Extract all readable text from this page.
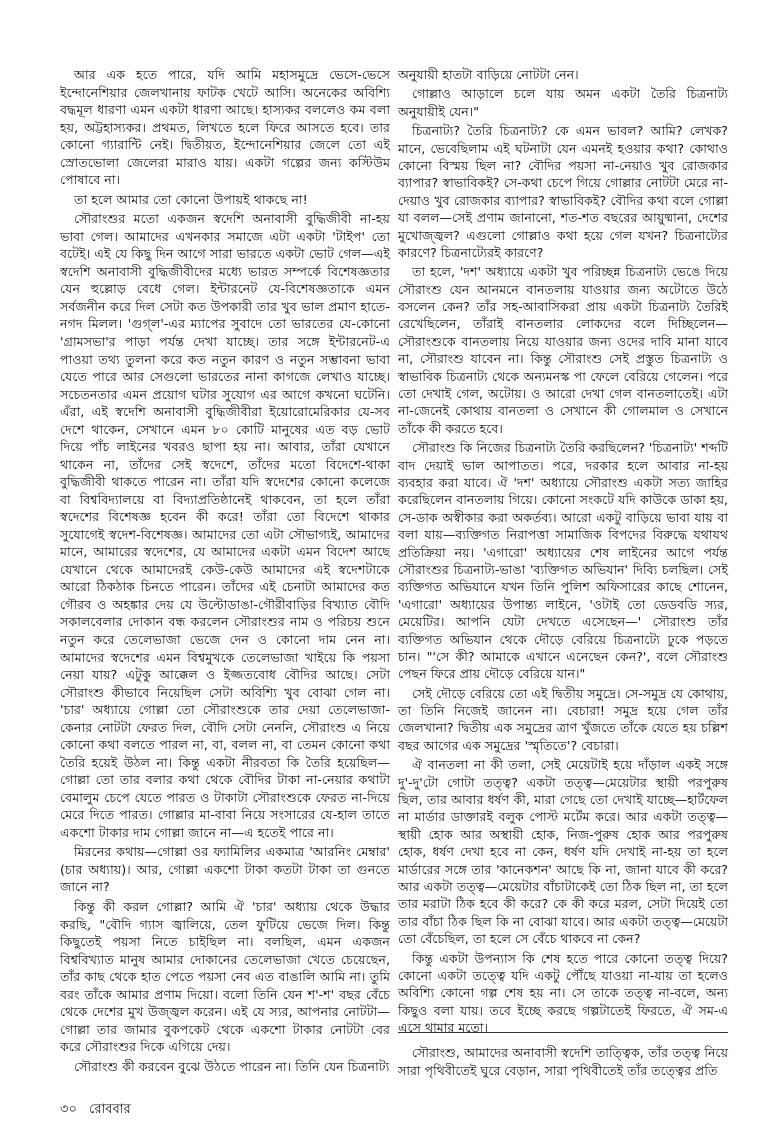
আর এক হতে পারে, যদি আমি মহাসমুদ্রে ভেসে-ভেসে ইন্দোনেশিয়ার জেলখানায় ফাটক খেটে আসি। অনেকের অবিশ্যি বদ্ধমূল ধারণা এমন একটা ধারণা আছে। হাস্যকর বললেও কম বলা হয়, অট্টহাস্যকর। প্রথমত, লিখতে হলে ফিরে আসতে হবে। তার কোনো গ্যারান্টি নেই। দ্বিতীয়ত, ইন্দোনেশিয়ার জেলে তো এই স্রোতভোলা জেলেরা মারাও যায়। একটা গল্পের জন্য কস্টিউম পোষাবে না।

তা হলে আমার তো কোনো উপায়ই থাকছে না!

সৌরাংশুর মতো একজন স্বদেশি অনাবাসী বুদ্ধিজীবী না-হয় ভাবা গেল। আমাদের এখনকার সমাজে এটা একটা 'টাইপ' তো বটেই। এই যে কিছু দিন আগে সারা ভারতে একটা ভোট গেল—এই স্বদেশি অনাবাসী বুদ্ধিজীবীদের মধ্যে ভারত সম্পর্কে বিশেষজ্ঞতার যেন হুল্লোড় বেধে গেল। ইন্টারনেট যে-বিশেষজ্ঞতাকে এমন সর্বজনীন করে দিল সেটা কত উপকারী তার খুব ভাল প্রমাণ হাতে-নগদ মিলল। 'গুগ্‌ল'-এর ম্যাপের সুবাদে তো ভারতের যে-কোনো 'গ্রামসভা'র পাড়া পর্যন্ত দেখা যাচ্ছে। তার সঙ্গে ইন্টারনেট-এ পাওয়া তথ্য তুলনা করে কত নতুন কারণ ও নতুন সম্ভাবনা ভাবা যেতে পারে আর সেগুলো ভারতের নানা কাগজে লেখাও যাচ্ছে। সচেতনতার এমন প্রয়োগ ঘটার সুযোগ এর আগে কখনো ঘটেনি। এঁরা, এই স্বদেশি অনাবাসী বুদ্ধিজীবীরা ইয়োরোমেরিকার যে-সব দেশে থাকেন, সেখানে এমন ৮০ কোটি মানুষের এত বড় ভোট দিয়ে পাঁচ লাইনের খবরও ছাপা হয় না। আবার, তাঁরা যেখানে থাকেন না, তাঁদের সেই স্বদেশে, তাঁদের মতো বিদেশে-থাকা বুদ্ধিজীবী থাকতে পারেন না। তাঁরা যদি স্বদেশের কোনো কলেজে বা বিশ্ববিদ্যালয়ে বা বিদ্যাপ্রতিষ্ঠানেই থাকবেন, তা হলে তাঁরা স্বদেশের বিশেষজ্ঞ হবেন কী করে! তাঁরা তো বিদেশে থাকার সুযোগেই স্বদেশ-বিশেষজ্ঞ। আমাদের তো এটা সৌভাগ্যই, আমাদের মানে, আমারের স্বদেশের, যে আমাদের একটা এমন বিদেশ আছে যেখানে থেকে আমাদেরই কেউ-কেউ আমাদের এই স্বদেশটাকে আরো ঠিকঠাক চিনতে পারেন। তাঁদের এই চেনাটা আমাদের কত গৌরব ও অহঙ্কার দেয় যে উল্টোডাঙা-গৌরীবাড়ির বিখ্যাত বৌদি সকালবেলার দোকান বন্ধ করলেন সৌরাংশুর নাম ও পরিচয় শুনে নতুন করে তেলেভাজা ভেজে দেন ও কোনো দাম নেন না। আমাদের স্বদেশের এমন বিশ্বমুখকে তেলেভাজা খাইয়ে কি পয়সা নেয়া যায়? এটুকু আক্কেল ও ইজ্জতবোধ বৌদির আছে। সেটা সৌরাংশু কীভাবে নিয়েছিল সেটা অবিশ্যি খুব বোঝা গেল না। 'চার' অধ্যায়ে গোল্লা তো সৌরাংশুকে তার দেয়া তেলেভাজা-কেনার নোটটা ফেরত দিল, বৌদি সেটা নেননি, সৌরাংশু এ নিয়ে কোনো কথা বলতে পারল না, বা, বলল না, বা তেমন কোনো কথা তৈরি হয়েই উঠল না। কিন্তু একটা নীরবতা কি তৈরি হয়েছিল—গোল্লা তো তার বলার কথা থেকে বৌদির টাকা না-নেয়ার কথাটা বেমালুম চেপে যেতে পারত ও টাকাটা সৌরাংশুকে ফেরত না-দিয়ে মেরে দিতে পারত। গোল্লার মা-বাবা নিয়ে সংসারের যে-হাল তাতে একশো টাকার দাম গোল্লা জানে না—এ হতেই পারে না।

মিরনের কথায়—গোল্লা ওর ফ্যামিলির একমাত্র 'আরনিং মেম্বার' (চার অধ্যায়)। আর, গোল্লা একশো টাকা কতটা টাকা তা গুনতে জানে না?

কিন্তু কী করল গোল্লা? আমি ঐ 'চার' অধ্যায় থেকে উদ্ধার করছি, "বৌদি গ্যাস জ্বালিয়ে, তেল ফুটিয়ে ভেজে দিল। কিন্তু কিছুতেই পয়সা নিতে চাইছিল না। বলছিল, এমন একজন বিশ্ববিখ্যাত মানুষ আমার দোকানের তেলেভাজা খেতে চেয়েছেন, তাঁর কাছ থেকে হাত পেতে পয়সা নেব এত বাঙালি আমি না। তুমি বরং তাঁকে আমার প্রণাম দিয়ো। বলো তিনি যেন শ'-শ' বছর বেঁচে থেকে দেশের মুখ উজ্জ্বল করেন। এই যে স্যর, আপনার নোটটা—গোল্লা তার জামার বুকপকেট থেকে একশো টাকার নোটটা বের করে সৌরাংশুর দিকে এগিয়ে দেয়।

সৌরাংশু কী করবেন বুঝে উঠতে পারেন না। তিনি যেন চিত্রনাট্য

অনুযায়ী হাতটা বাড়িয়ে নোটটা নেন।

গোল্লাও আড়ালে চলে যায় অমন একটা তৈরি চিত্রনাট্য অনুযায়ীই যেন।"

চিত্রনাট্য? তৈরি চিত্রনাট্য? কে এমন ভাবল? আমি? লেখক? মানে, ভেবেছিলাম এই ঘটনাটা যেন এমনই হওয়ার কথা? কোথাও কোনো বিস্ময় ছিল না? বৌদির পয়সা না-নেয়াও খুব রোজকার ব্যাপার? স্বাভাবিকই? সে-কথা চেপে গিয়ে গোল্লার নোটটা মেরে না-দেয়াও খুব রোজকার ব্যাপার? স্বাভাবিকই? বৌদির কথা বলে গোল্লা যা বলল—সেই প্রণাম জানানো, শত-শত বছরের আয়ুষ্মানা, দেশের মুখোজ্জ্বল? এগুলো গোল্লাও কথা হয়ে গেল যখন? চিত্রনাট্যের কারণে? চিত্রনাট্যেরই কারণে?

তা হলে, 'দশ' অধ্যায়ে একটা খুব পরিচ্ছন্ন চিত্রনাট্য ভেঙে দিয়ে সৌরাংশু যেন আনমনে বানতলায় যাওয়ার জন্য অটোতে উঠে বসলেন কেন? তাঁর সহ-আবাসিকরা প্রায় একটা চিত্রনাট্য তৈরিই রেখেছিলেন, তাঁরাই বানতলার লোকদের বলে দিচ্ছিলেন—সৌরাংশুকে বানতলায় নিয়ে যাওয়ার জন্য ওদের দাবি মানা যাবে না, সৌরাংশু যাবেন না। কিন্তু সৌরাংশু সেই প্রস্তুত চিত্রনাট্য ও স্বাভাবিক চিত্রনাট্য থেকে অন্যমনস্ক পা ফেলে বেরিয়ে গেলেন। পরে তো দেখাই গেল, অটোয়। ও আরো দেখা গেল বানতলাতেই। এটা না-জেনেই কোথায় বানতলা ও সেখানে কী গোলমাল ও সেখানে তাঁকে কী করতে হবে।

সৌরাংশু কি নিজের চিত্রনাট্য তৈরি করছিলেন? 'চিত্রনাট্য' শব্দটি বাদ দেয়াই ভাল আপাতত। পরে, দরকার হলে আবার না-হয় ব্যবহার করা যাবে। ঐ 'দশ' অধ্যায়ে সৌরাংশু একটা সত্য জাহির করেছিলেন বানতলায় গিয়ে। কোনো সংকটে যদি কাউকে ডাকা হয়, সে-ডাক অস্বীকার করা অকর্তব্য। আরো একটু বাড়িয়ে ভাবা যায় বা বলা যায়—ব্যক্তিগত নিরাপত্তা সামাজিক বিপদের বিরুদ্ধে যথাযথ প্রতিক্রিয়া নয়। 'এগারো' অধ্যায়ের শেষ লাইনের আগে পর্যন্ত সৌরাংশুর চিত্রনাট্য-ভাঙা 'ব্যক্তিগত অভিযান' দিব্যি চলছিল। সেই ব্যক্তিগত অভিযানে যখন তিনি পুলিশ অফিসারের কাছে শোনেন, 'এগারো' অধ্যায়ের উপান্ত্য লাইনে, 'ওটাই তো ডেডবডি স্যর, মেয়েটির। আপনি যেটা দেখতে এসেছেন—' সৌরাংশু তাঁর ব্যক্তিগত অভিযান থেকে দৌড়ে বেরিয়ে চিত্রনাট্যে ঢুকে পড়তে চান। "'সে কী? আমাকে এখানে এনেছেন কেন?', বলে সৌরাংশু পেছন ফিরে প্রায় দৌড়ে বেরিয়ে যান।"

সেই দৌড়ে বেরিয়ে তো এই দ্বিতীয় সমুদ্রে। সে-সমুদ্র যে কোথায়, তা তিনি নিজেই জানেন না। বেচারা! সমুদ্র হয়ে গেল তাঁর জেলখানা? দ্বিতীয় এক সমুদ্রের ত্রাণ খুঁজতে তাঁকে যেতে হয় চল্লিশ বছর আগের এক সমুদ্রের 'স্মৃতিতে'? বেচারা।

ঐ বানতলা না কী তলা, সেই মেয়েটাই হয়ে দাঁড়াল একই সঙ্গে দু'-দু'টো গোটা তত্ত্ব? একটা তত্ত্ব—মেয়েটার স্থায়ী পরপুরুষ ছিল, তার আবার ধর্ষণ কী, মারা গেছে তো দেখাই যাচ্ছে—হার্টফেল না মার্ডার ডাক্তারই বলুক পোস্ট মর্টেম করে। আর একটা তত্ত্ব—স্থায়ী হোক আর অস্থায়ী হোক, নিজ-পুরুষ হোক আর পরপুরুষ হোক, ধর্ষণ দেখা হবে না কেন, ধর্ষণ যদি দেখাই না-হয় তা হলে মার্ডারের সঙ্গে তার 'কানেকশন' আছে কি না, জানা যাবে কী করে? আর একটা তত্ত্ব—মেয়েটার বাঁচাটাকেই তো ঠিক ছিল না, তা হলে তার মরাটা ঠিক হবে কী করে? কে কী করে মরল, সেটা দিয়েই তো তার বাঁচা ঠিক ছিল কি না বোঝা যাবে। আর একটা তত্ত্ব—মেয়েটা তো বেঁচেছিল, তা হলে সে বেঁচে থাকবে না কেন?

কিন্তু একটা উপন্যাস কি শেষ হতে পারে কোনো তত্ত্ব দিয়ে? কোনো একটা তত্ত্বে যদি একটু পৌঁছে যাওয়া না-যায় তা হলেও অবিশ্যি কোনো গল্প শেষ হয় না। সে তাকে তত্ত্ব না-বলে, অন্য কিছুও বলা যায়। তবে ইচ্ছে করছে গল্পটাতেই ফিরতে, ঐ সম-এ এসে থামার মতো।

সৌরাংশু, আমাদের অনাবাসী স্বদেশি তাত্ত্বিক, তাঁর তত্ত্ব নিয়ে সারা পৃথিবীতেই ঘুরে বেড়ান, সারা পৃথিবীতেই তাঁর তত্ত্বের প্রতি

৩০ রোববার
